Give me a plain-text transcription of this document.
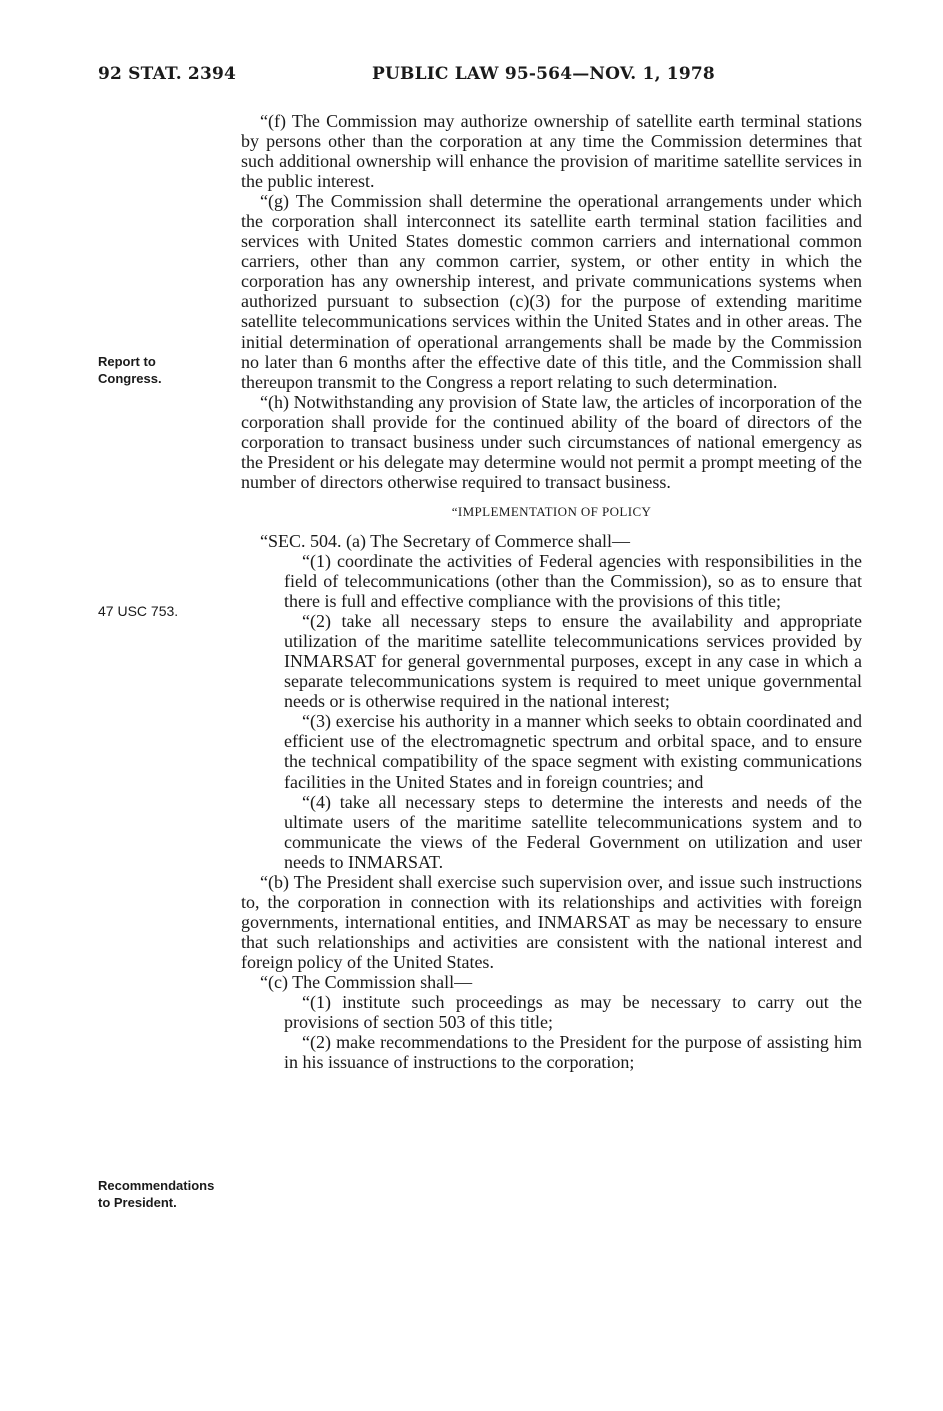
92 STAT. 2394	PUBLIC LAW 95-564—NOV. 1, 1978
Report to Congress.
47 USC 753.
Recommendations to President.

“(f) The Commission may authorize ownership of satellite earth terminal stations by persons other than the corporation at any time the Commission determines that such additional ownership will enhance the provision of maritime satellite services in the public interest.

“(g) The Commission shall determine the operational arrangements under which the corporation shall interconnect its satellite earth terminal station facilities and services with United States domestic common carriers and international common carriers, other than any common carrier, system, or other entity in which the corporation has any ownership interest, and private communications systems when authorized pursuant to subsection (c)(3) for the purpose of extending maritime satellite telecommunications services within the United States and in other areas. The initial determination of operational arrangements shall be made by the Commission no later than 6 months after the effective date of this title, and the Commission shall thereupon transmit to the Congress a report relating to such determination.

“(h) Notwithstanding any provision of State law, the articles of incorporation of the corporation shall provide for the continued ability of the board of directors of the corporation to transact business under such circumstances of national emergency as the President or his delegate may determine would not permit a prompt meeting of the number of directors otherwise required to transact business.

“IMPLEMENTATION OF POLICY

“SEC. 504. (a) The Secretary of Commerce shall—

“(1) coordinate the activities of Federal agencies with responsibilities in the field of telecommunications (other than the Commission), so as to ensure that there is full and effective compliance with the provisions of this title;

“(2) take all necessary steps to ensure the availability and appropriate utilization of the maritime satellite telecommunications services provided by INMARSAT for general governmental purposes, except in any case in which a separate telecommunications system is required to meet unique governmental needs or is otherwise required in the national interest;

“(3) exercise his authority in a manner which seeks to obtain coordinated and efficient use of the electromagnetic spectrum and orbital space, and to ensure the technical compatibility of the space segment with existing communications facilities in the United States and in foreign countries; and

“(4) take all necessary steps to determine the interests and needs of the ultimate users of the maritime satellite telecommunications system and to communicate the views of the Federal Government on utilization and user needs to INMARSAT.

“(b) The President shall exercise such supervision over, and issue such instructions to, the corporation in connection with its relationships and activities with foreign governments, international entities, and INMARSAT as may be necessary to ensure that such relationships and activities are consistent with the national interest and foreign policy of the United States.

“(c) The Commission shall—

“(1) institute such proceedings as may be necessary to carry out the provisions of section 503 of this title;

“(2) make recommendations to the President for the purpose of assisting him in his issuance of instructions to the corporation;
